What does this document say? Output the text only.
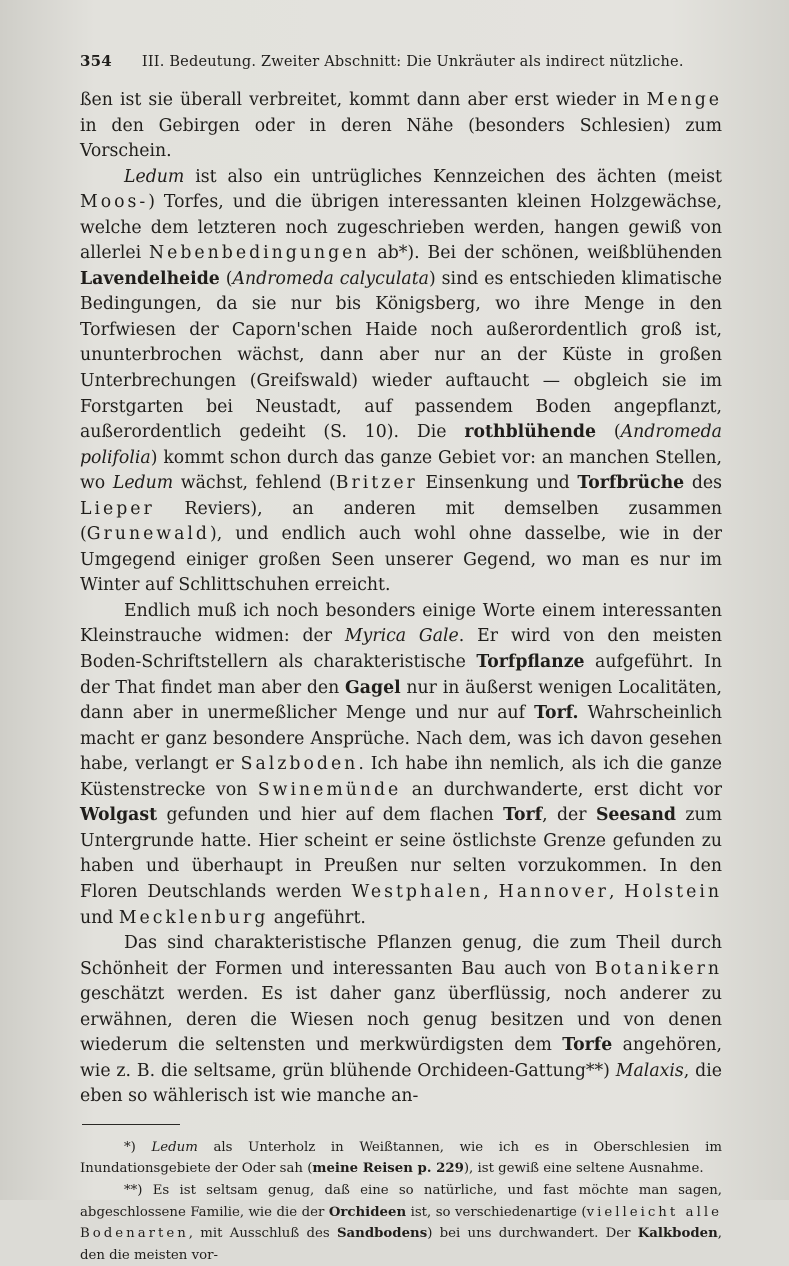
354 III. Bedeutung. Zweiter Abschnitt: Die Unkräuter als indirect nützliche.

ßen ist sie überall verbreitet, kommt dann aber erst wieder in Menge in den Gebirgen oder in deren Nähe (besonders Schlesien) zum Vorschein.

Ledum ist also ein untrügliches Kennzeichen des ächten (meist Moos-) Torfes, und die übrigen interessanten kleinen Holzgewächse, welche dem letzteren noch zugeschrieben werden, hangen gewiß von allerlei Nebenbedingungen ab*). Bei der schönen, weißblühenden Lavendelheide (Andromeda calyculata) sind es entschieden klimatische Bedingungen, da sie nur bis Königsberg, wo ihre Menge in den Torfwiesen der Caporn'schen Haide noch außerordentlich groß ist, ununterbrochen wächst, dann aber nur an der Küste in großen Unterbrechungen (Greifswald) wieder auftaucht — obgleich sie im Forstgarten bei Neustadt, auf passendem Boden angepflanzt, außerordentlich gedeiht (S. 10). Die rothblühende (Andromeda polifolia) kommt schon durch das ganze Gebiet vor: an manchen Stellen, wo Ledum wächst, fehlend (Britzer Einsenkung und Torfbrüche des Lieper Reviers), an anderen mit demselben zusammen (Grunewald), und endlich auch wohl ohne dasselbe, wie in der Umgegend einiger großen Seen unserer Gegend, wo man es nur im Winter auf Schlittschuhen erreicht.

Endlich muß ich noch besonders einige Worte einem interessanten Kleinstrauche widmen: der Myrica Gale. Er wird von den meisten Boden-Schriftstellern als charakteristische Torfpflanze aufgeführt. In der That findet man aber den Gagel nur in äußerst wenigen Localitäten, dann aber in unermeßlicher Menge und nur auf Torf. Wahrscheinlich macht er ganz besondere Ansprüche. Nach dem, was ich davon gesehen habe, verlangt er Salzboden. Ich habe ihn nemlich, als ich die ganze Küstenstrecke von Swinemünde an durchwanderte, erst dicht vor Wolgast gefunden und hier auf dem flachen Torf, der Seesand zum Untergrunde hatte. Hier scheint er seine östlichste Grenze gefunden zu haben und überhaupt in Preußen nur selten vorzukommen. In den Floren Deutschlands werden Westphalen, Hannover, Holstein und Mecklenburg angeführt.

Das sind charakteristische Pflanzen genug, die zum Theil durch Schönheit der Formen und interessanten Bau auch von Botanikern geschätzt werden. Es ist daher ganz überflüssig, noch anderer zu erwähnen, deren die Wiesen noch genug besitzen und von denen wiederum die seltensten und merkwürdigsten dem Torfe angehören, wie z. B. die seltsame, grün blühende Orchideen-Gattung**) Malaxis, die eben so wählerisch ist wie manche an-

*) Ledum als Unterholz in Weißtannen, wie ich es in Oberschlesien im Inundationsgebiete der Oder sah (meine Reisen p. 229), ist gewiß eine seltene Ausnahme.

**) Es ist seltsam genug, daß eine so natürliche, und fast möchte man sagen, abgeschlossene Familie, wie die der Orchideen ist, so verschiedenartige (vielleicht alle Bodenarten, mit Ausschluß des Sandbodens) bei uns durchwandert. Der Kalkboden, den die meisten vor-
